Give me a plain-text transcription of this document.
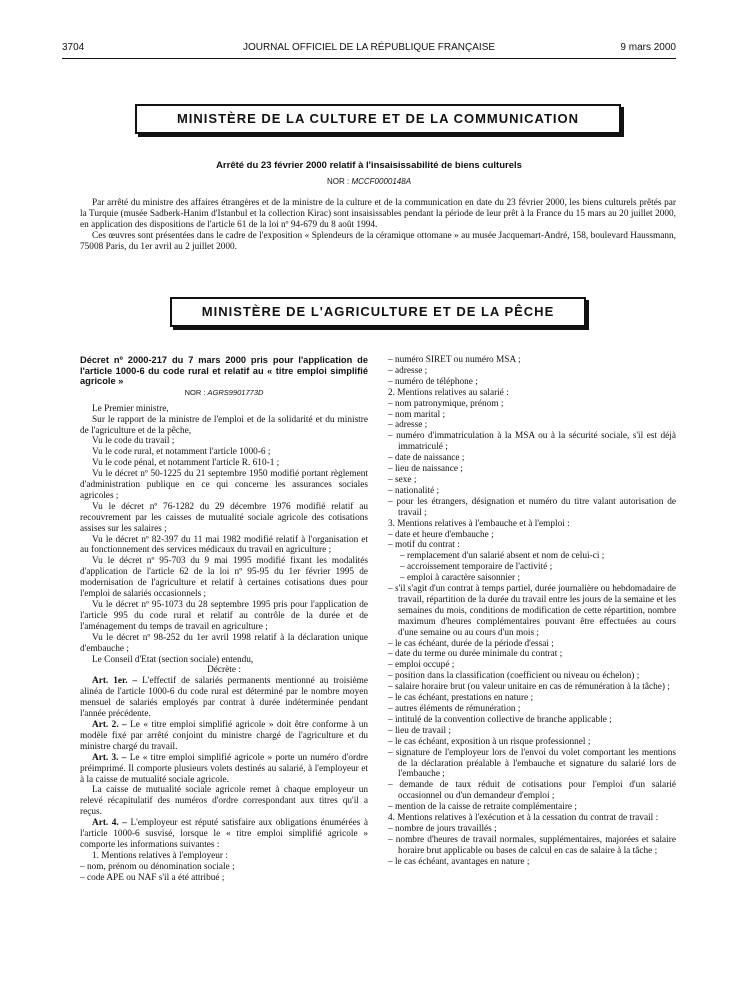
3704	JOURNAL OFFICIEL DE LA RÉPUBLIQUE FRANÇAISE	9 mars 2000
MINISTÈRE DE LA CULTURE ET DE LA COMMUNICATION
Arrêté du 23 février 2000 relatif à l'insaisissabilité de biens culturels
NOR : MCCF0000148A

Par arrêté du ministre des affaires étrangères et de la ministre de la culture et de la communication en date du 23 février 2000, les biens culturels prêtés par la Turquie (musée Sadberk-Hanim d'Istanbul et la collection Kirac) sont insaisissables pendant la période de leur prêt à la France du 15 mars au 20 juillet 2000, en application des dispositions de l'article 61 de la loi nº 94-679 du 8 août 1994.

Ces œuvres sont présentées dans le cadre de l'exposition « Splendeurs de la céramique ottomane » au musée Jacquemart-André, 158, boulevard Haussmann, 75008 Paris, du 1er avril au 2 juillet 2000.

MINISTÈRE DE L'AGRICULTURE ET DE LA PÊCHE
Décret nº 2000-217 du 7 mars 2000 pris pour l'application de l'article 1000-6 du code rural et relatif au « titre emploi simplifié agricole »
NOR : AGRS9901773D

Le Premier ministre,

Sur le rapport de la ministre de l'emploi et de la solidarité et du ministre de l'agriculture et de la pêche,

Vu le code du travail ;

Vu le code rural, et notamment l'article 1000-6 ;

Vu le code pénal, et notamment l'article R. 610-1 ;

Vu le décret nº 50-1225 du 21 septembre 1950 modifié portant règlement d'administration publique en ce qui concerne les assurances sociales agricoles ;

Vu le décret nº 76-1282 du 29 décembre 1976 modifié relatif au recouvrement par les caisses de mutualité sociale agricole des cotisations assises sur les salaires ;

Vu le décret nº 82-397 du 11 mai 1982 modifié relatif à l'organisation et au fonctionnement des services médicaux du travail en agriculture ;

Vu le décret nº 95-703 du 9 mai 1995 modifié fixant les modalités d'application de l'article 62 de la loi nº 95-95 du 1er février 1995 de modernisation de l'agriculture et relatif à certaines cotisations dues pour l'emploi de salariés occasionnels ;

Vu le décret nº 95-1073 du 28 septembre 1995 pris pour l'application de l'article 995 du code rural et relatif au contrôle de la durée et de l'aménagement du temps de travail en agriculture ;

Vu le décret nº 98-252 du 1er avril 1998 relatif à la déclaration unique d'embauche ;

Le Conseil d'Etat (section sociale) entendu,

Décrète :

Art. 1er. – L'effectif de salariés permanents mentionné au troisième alinéa de l'article 1000-6 du code rural est déterminé par le nombre moyen mensuel de salariés employés par contrat à durée indéterminée pendant l'année précédente.

Art. 2. – Le « titre emploi simplifié agricole » doit être conforme à un modèle fixé par arrêté conjoint du ministre chargé de l'agriculture et du ministre chargé du travail.

Art. 3. – Le « titre emploi simplifié agricole » porte un numéro d'ordre préimprimé. Il comporte plusieurs volets destinés au salarié, à l'employeur et à la caisse de mutualité sociale agricole.

La caisse de mutualité sociale agricole remet à chaque employeur un relevé récapitulatif des numéros d'ordre correspondant aux titres qu'il a reçus.

Art. 4. – L'employeur est réputé satisfaire aux obligations énumérées à l'article 1000-6 susvisé, lorsque le « titre emploi simplifié agricole » comporte les informations suivantes :

1. Mentions relatives à l'employeur :

– nom, prénom ou dénomination sociale ;

– code APE ou NAF s'il a été attribué ;

– numéro SIRET ou numéro MSA ;

– adresse ;

– numéro de téléphone ;

2. Mentions relatives au salarié :

– nom patronymique, prénom ;

– nom marital ;

– adresse ;

– numéro d'immatriculation à la MSA ou à la sécurité sociale, s'il est déjà immatriculé ;

– date de naissance ;

– lieu de naissance ;

– sexe ;

– nationalité ;

– pour les étrangers, désignation et numéro du titre valant autorisation de travail ;

3. Mentions relatives à l'embauche et à l'emploi :

– date et heure d'embauche ;

– motif du contrat :

– remplacement d'un salarié absent et nom de celui-ci ;

– accroissement temporaire de l'activité ;

– emploi à caractère saisonnier ;

– s'il s'agit d'un contrat à temps partiel, durée journalière ou hebdomadaire de travail, répartition de la durée du travail entre les jours de la semaine et les semaines du mois, conditions de modification de cette répartition, nombre maximum d'heures complémentaires pouvant être effectuées au cours d'une semaine ou au cours d'un mois ;

– le cas échéant, durée de la période d'essai ;

– date du terme ou durée minimale du contrat ;

– emploi occupé ;

– position dans la classification (coefficient ou niveau ou échelon) ;

– salaire horaire brut (ou valeur unitaire en cas de rémunération à la tâche) ;

– le cas échéant, prestations en nature ;

– autres éléments de rémunération ;

– intitulé de la convention collective de branche applicable ;

– lieu de travail ;

– le cas échéant, exposition à un risque professionnel ;

– signature de l'employeur lors de l'envoi du volet comportant les mentions de la déclaration préalable à l'embauche et signature du salarié lors de l'embauche ;

– demande de taux réduit de cotisations pour l'emploi d'un salarié occasionnel ou d'un demandeur d'emploi ;

– mention de la caisse de retraite complémentaire ;

4. Mentions relatives à l'exécution et à la cessation du contrat de travail :

– nombre de jours travaillés ;

– nombre d'heures de travail normales, supplémentaires, majorées et salaire horaire brut applicable ou bases de calcul en cas de salaire à la tâche ;

– le cas échéant, avantages en nature ;
